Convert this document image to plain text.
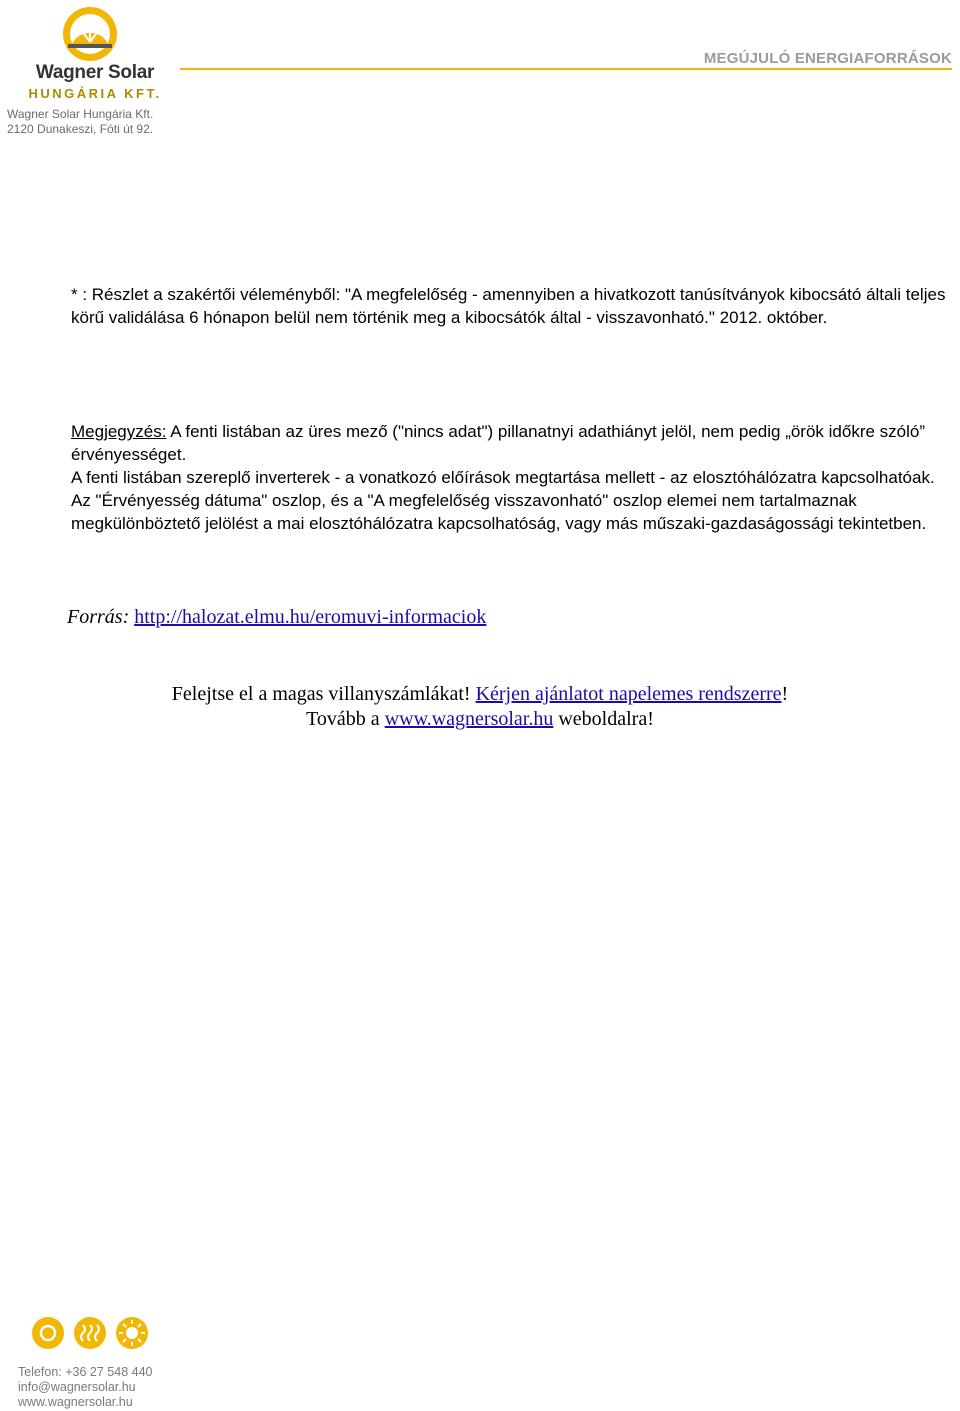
Wagner Solar
HUNGÁRIA KFT.
Wagner Solar Hungária Kft.
2120 Dunakeszi, Fóti út 92.
MEGÚJULÓ ENERGIAFORRÁSOK
* : Részlet a szakértői véleményből: "A megfelelőség - amennyiben a hivatkozott tanúsítványok kibocsátó általi teljes körű validálása 6 hónapon belül nem történik meg a kibocsátók által - visszavonható." 2012. október.
Megjegyzés: A fenti listában az üres mező ("nincs adat") pillanatnyi adathiányt jelöl, nem pedig „örök időkre szóló” érvényességet.
A fenti listában szereplő inverterek - a vonatkozó előírások megtartása mellett - az elosztóhálózatra kapcsolhatóak. Az "Érvényesség dátuma" oszlop, és a "A megfelelőség visszavonható" oszlop elemei nem tartalmaznak megkülönböztető jelölést a mai elosztóhálózatra kapcsolhatóság, vagy más műszaki-gazdaságossági tekintetben.
Forrás: http://halozat.elmu.hu/eromuvi-informaciok
Felejtse el a magas villanyszámlákat! Kérjen ajánlatot napelemes rendszerre!
Tovább a www.wagnersolar.hu weboldalra!
Telefon: +36 27 548 440
info@wagnersolar.hu
www.wagnersolar.hu
